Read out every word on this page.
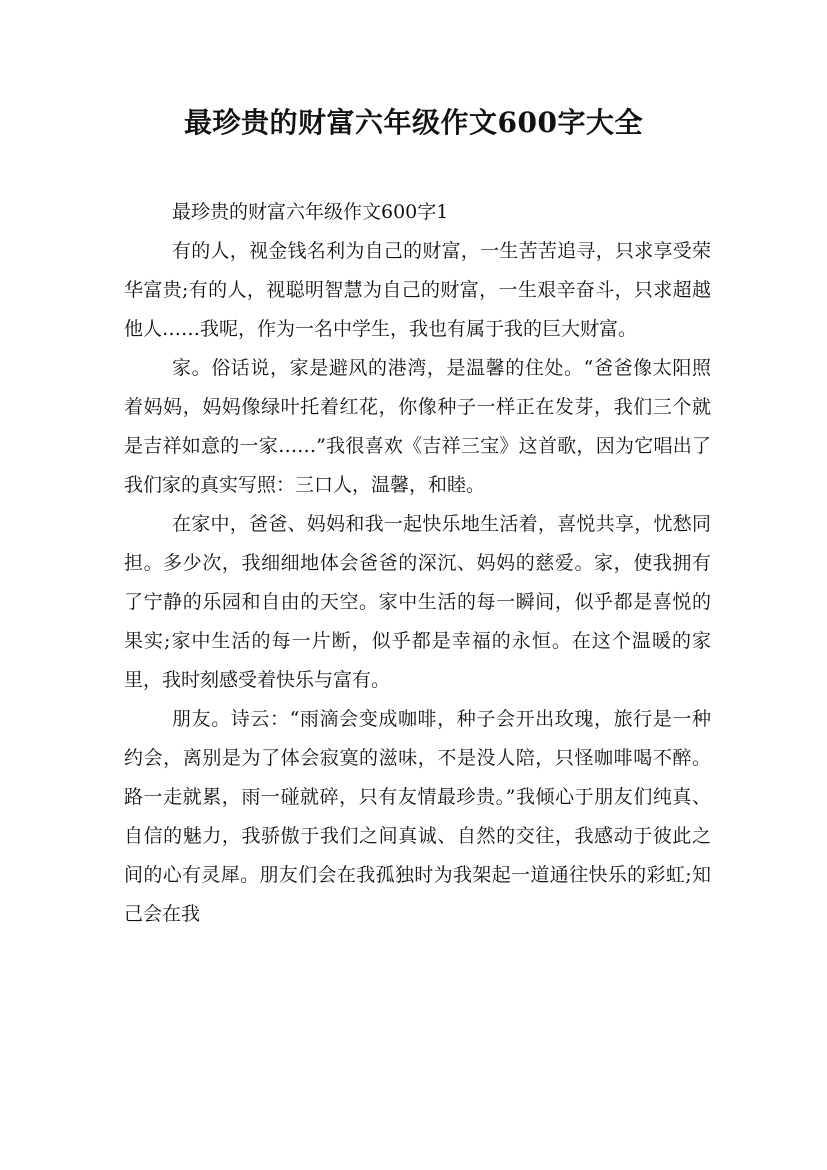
最珍贵的财富六年级作文600字大全

最珍贵的财富六年级作文600字1

有的人，视金钱名利为自己的财富，一生苦苦追寻，只求享受荣华富贵;有的人，视聪明智慧为自己的财富，一生艰辛奋斗，只求超越他人……我呢，作为一名中学生，我也有属于我的巨大财富。

家。俗话说，家是避风的港湾，是温馨的住处。“爸爸像太阳照着妈妈，妈妈像绿叶托着红花，你像种子一样正在发芽，我们三个就是吉祥如意的一家……”我很喜欢《吉祥三宝》这首歌，因为它唱出了我们家的真实写照：三口人，温馨，和睦。

在家中，爸爸、妈妈和我一起快乐地生活着，喜悦共享，忧愁同担。多少次，我细细地体会爸爸的深沉、妈妈的慈爱。家，使我拥有了宁静的乐园和自由的天空。家中生活的每一瞬间，似乎都是喜悦的果实;家中生活的每一片断，似乎都是幸福的永恒。在这个温暖的家里，我时刻感受着快乐与富有。

朋友。诗云：“雨滴会变成咖啡，种子会开出玫瑰，旅行是一种约会，离别是为了体会寂寞的滋味，不是没人陪，只怪咖啡喝不醉。路一走就累，雨一碰就碎，只有友情最珍贵。”我倾心于朋友们纯真、自信的魅力，我骄傲于我们之间真诚、自然的交往，我感动于彼此之间的心有灵犀。朋友们会在我孤独时为我架起一道通往快乐的彩虹;知己会在我
